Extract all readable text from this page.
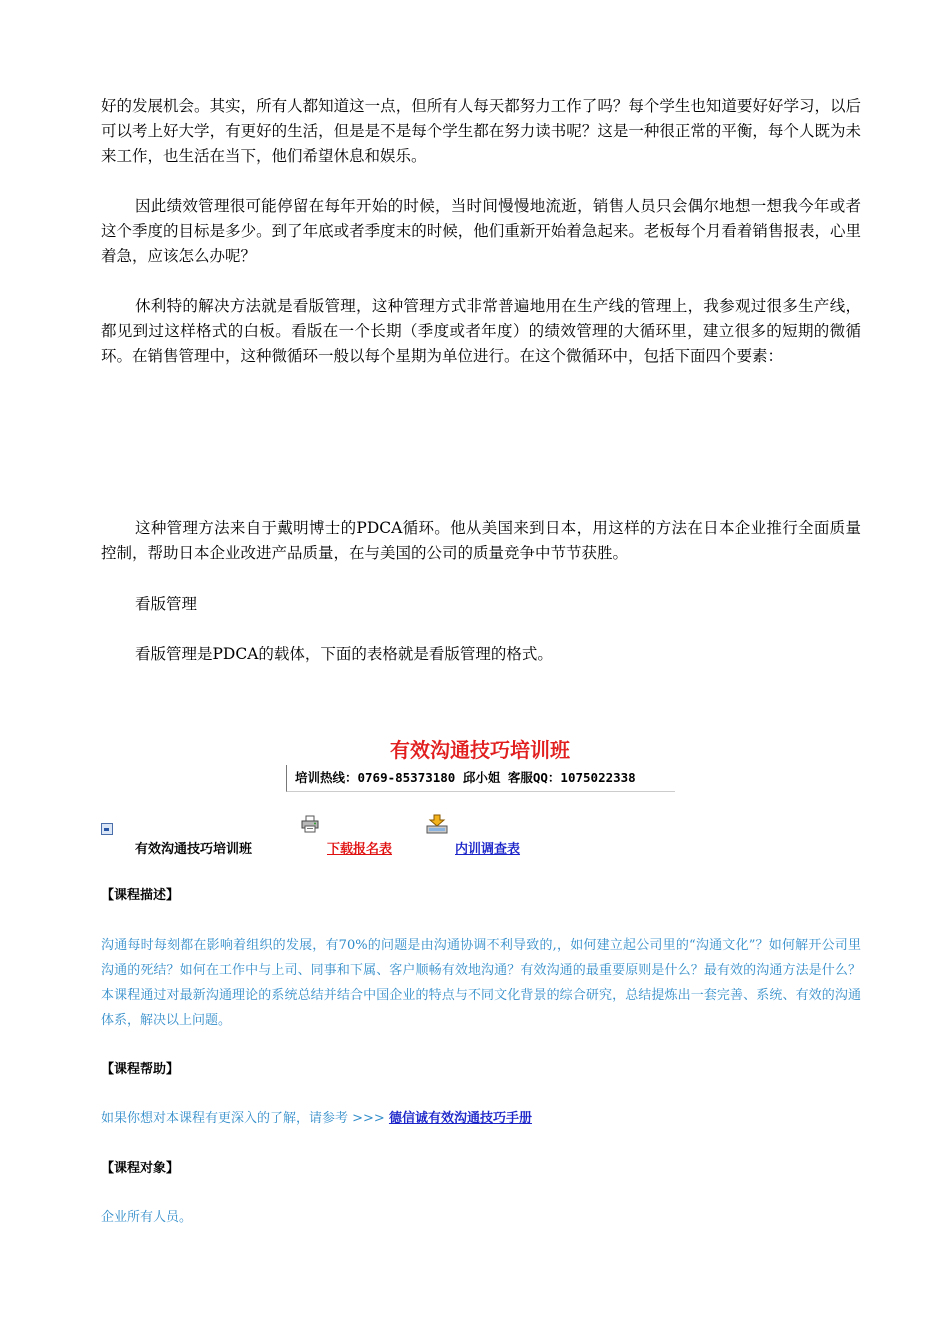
好的发展机会。其实，所有人都知道这一点，但所有人每天都努力工作了吗？每个学生也知道要好好学习，以后可以考上好大学，有更好的生活，但是是不是每个学生都在努力读书呢？这是一种很正常的平衡，每个人既为未来工作，也生活在当下，他们希望休息和娱乐。

因此绩效管理很可能停留在每年开始的时候，当时间慢慢地流逝，销售人员只会偶尔地想一想我今年或者这个季度的目标是多少。到了年底或者季度末的时候，他们重新开始着急起来。老板每个月看着销售报表，心里着急，应该怎么办呢？

休利特的解决方法就是看版管理，这种管理方式非常普遍地用在生产线的管理上，我参观过很多生产线，都见到过这样格式的白板。看版在一个长期（季度或者年度）的绩效管理的大循环里，建立很多的短期的微循环。在销售管理中，这种微循环一般以每个星期为单位进行。在这个微循环中，包括下面四个要素：

这种管理方法来自于戴明博士的PDCA循环。他从美国来到日本，用这样的方法在日本企业推行全面质量控制，帮助日本企业改进产品质量，在与美国的公司的质量竞争中节节获胜。

看版管理
看版管理是PDCA的载体，下面的表格就是看版管理的格式。
有效沟通技巧培训班
培训热线：0769-85373180 邱小姐 客服QQ：1075022338
有效沟通技巧培训班	下载报名表	内训调查表
【课程描述】

沟通每时每刻都在影响着组织的发展，有70%的问题是由沟通协调不利导致的,，如何建立起公司里的“沟通文化”？如何解开公司里沟通的死结？如何在工作中与上司、同事和下属、客户顺畅有效地沟通？有效沟通的最重要原则是什么？最有效的沟通方法是什么？本课程通过对最新沟通理论的系统总结并结合中国企业的特点与不同文化背景的综合研究，总结提炼出一套完善、系统、有效的沟通体系，解决以上问题。

【课程帮助】
如果你想对本课程有更深入的了解，请参考 >>> 德信诚有效沟通技巧手册
【课程对象】
企业所有人员。
